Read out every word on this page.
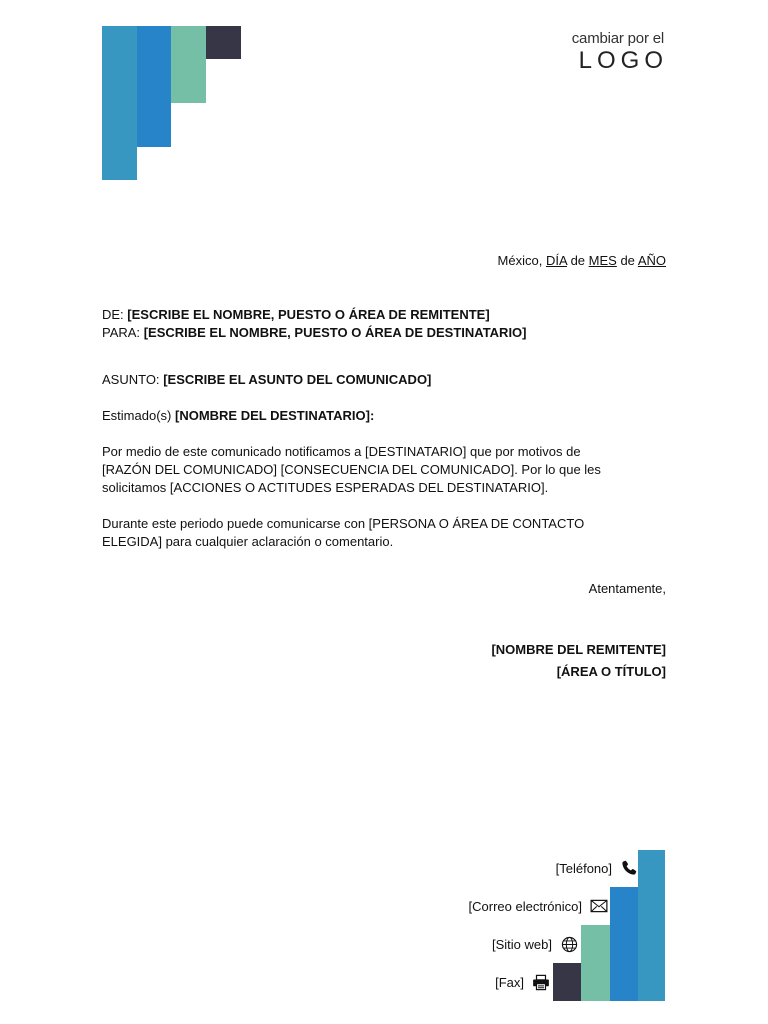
cambiar por el
LOGO
México, DÍA de MES de AÑO
DE: [ESCRIBE EL NOMBRE, PUESTO O ÁREA DE REMITENTE]
PARA: [ESCRIBE EL NOMBRE, PUESTO O ÁREA DE DESTINATARIO]
ASUNTO: [ESCRIBE EL ASUNTO DEL COMUNICADO]
Estimado(s) [NOMBRE DEL DESTINATARIO]:
Por medio de este comunicado notificamos a [DESTINATARIO] que por motivos de
[RAZÓN DEL COMUNICADO] [CONSECUENCIA DEL COMUNICADO]. Por lo que les
solicitamos [ACCIONES O ACTITUDES ESPERADAS DEL DESTINATARIO].
Durante este periodo puede comunicarse con [PERSONA O ÁREA DE CONTACTO
ELEGIDA] para cualquier aclaración o comentario.
Atentamente,
[NOMBRE DEL REMITENTE]
[ÁREA O TÍTULO]
[Teléfono]
[Correo electrónico]
[Sitio web]
[Fax]
